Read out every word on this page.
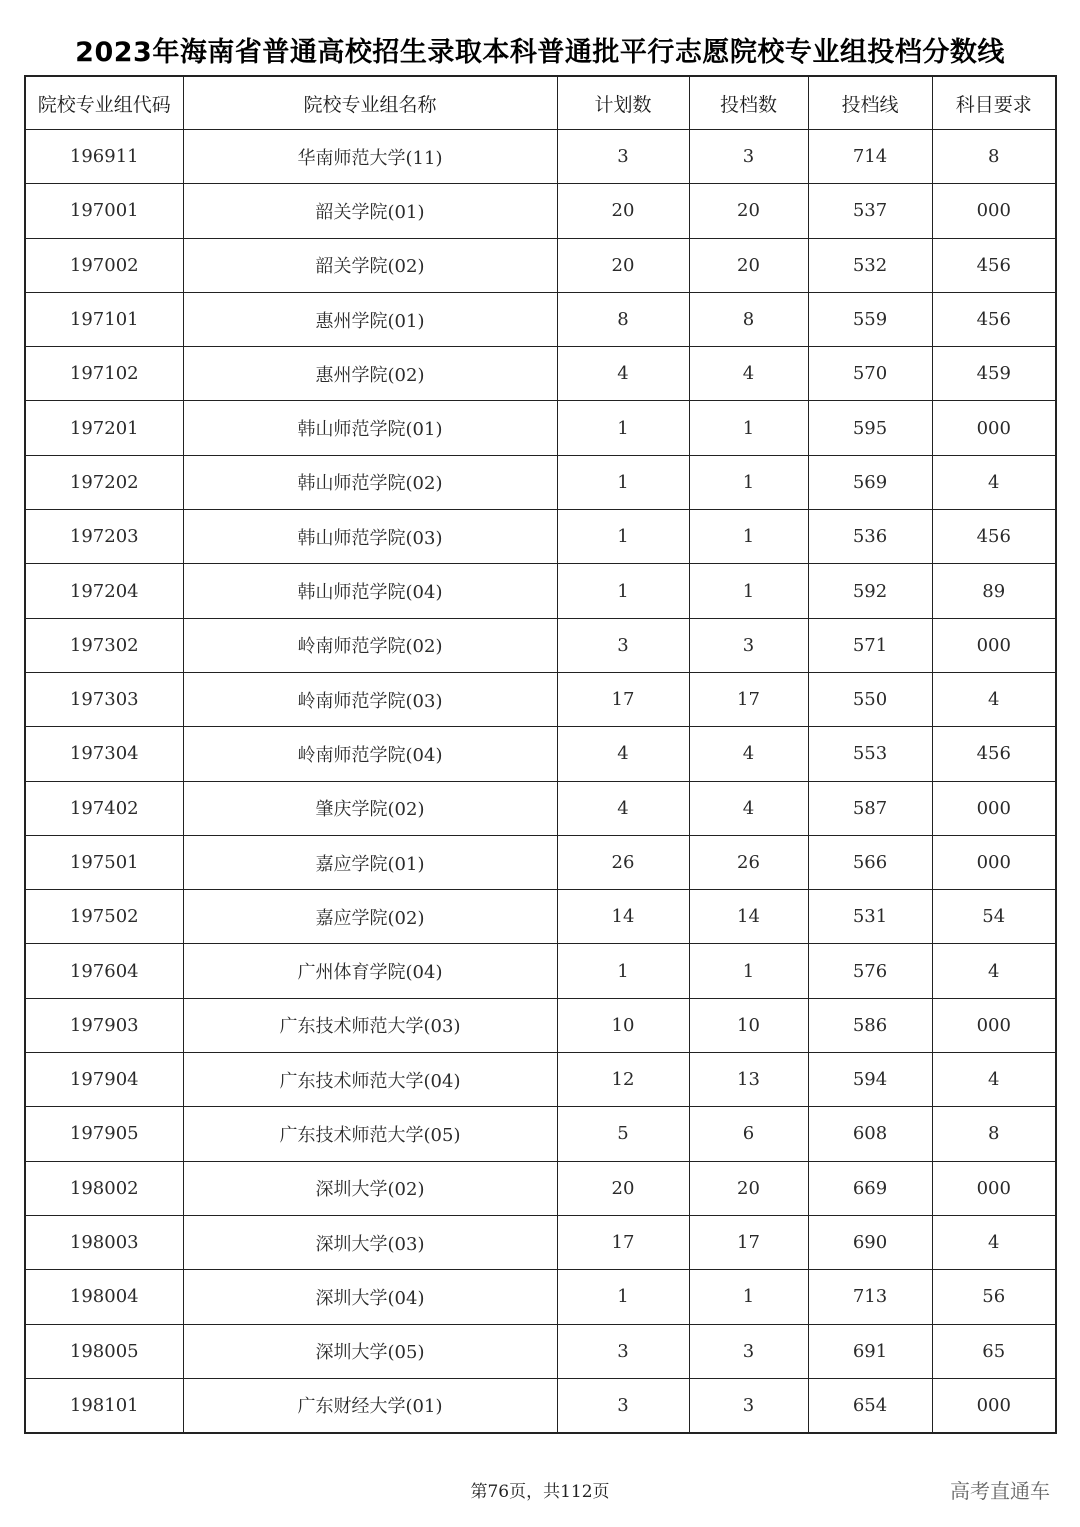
2023年海南省普通高校招生录取本科普通批平行志愿院校专业组投档分数线
院校专业组代码	院校专业组名称	计划数	投档数	投档线	科目要求
196911	华南师范大学(11)	3	3	714	8
197001	韶关学院(01)	20	20	537	000
197002	韶关学院(02)	20	20	532	456
197101	惠州学院(01)	8	8	559	456
197102	惠州学院(02)	4	4	570	459
197201	韩山师范学院(01)	1	1	595	000
197202	韩山师范学院(02)	1	1	569	4
197203	韩山师范学院(03)	1	1	536	456
197204	韩山师范学院(04)	1	1	592	89
197302	岭南师范学院(02)	3	3	571	000
197303	岭南师范学院(03)	17	17	550	4
197304	岭南师范学院(04)	4	4	553	456
197402	肇庆学院(02)	4	4	587	000
197501	嘉应学院(01)	26	26	566	000
197502	嘉应学院(02)	14	14	531	54
197604	广州体育学院(04)	1	1	576	4
197903	广东技术师范大学(03)	10	10	586	000
197904	广东技术师范大学(04)	12	13	594	4
197905	广东技术师范大学(05)	5	6	608	8
198002	深圳大学(02)	20	20	669	000
198003	深圳大学(03)	17	17	690	4
198004	深圳大学(04)	1	1	713	56
198005	深圳大学(05)	3	3	691	65
198101	广东财经大学(01)	3	3	654	000
第76页，共112页	高考直通车
